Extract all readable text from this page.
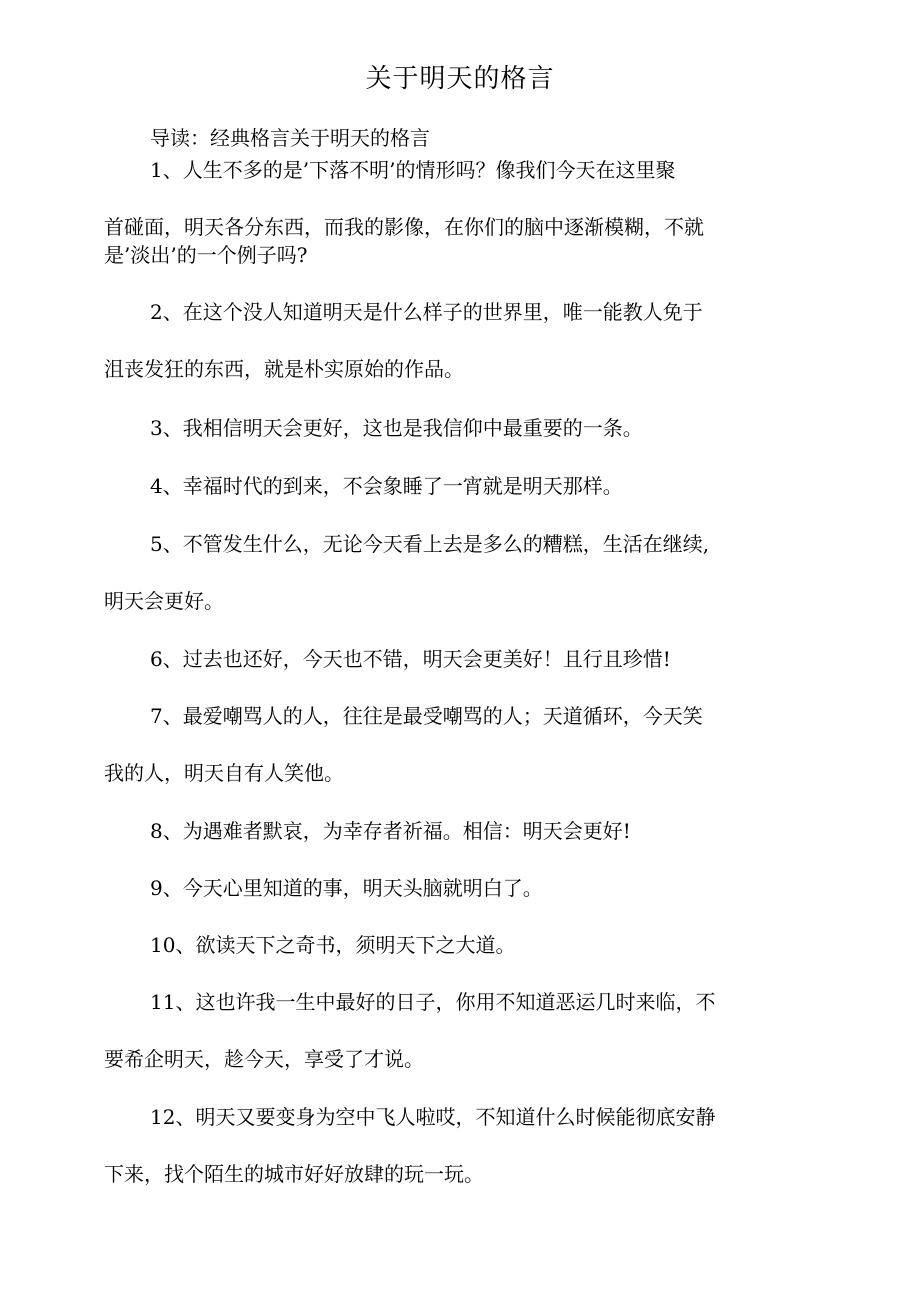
关于明天的格言
导读：经典格言关于明天的格言
1、人生不多的是’下落不明’的情形吗？像我们今天在这里聚
首碰面，明天各分东西，而我的影像，在你们的脑中逐渐模糊，不就
是’淡出’的一个例子吗?
2、在这个没人知道明天是什么样子的世界里，唯一能教人免于
沮丧发狂的东西，就是朴实原始的作品。
3、我相信明天会更好，这也是我信仰中最重要的一条。
4、幸福时代的到来，不会象睡了一宵就是明天那样。
5、不管发生什么，无论今天看上去是多么的糟糕，生活在继续,
明天会更好。
6、过去也还好，今天也不错，明天会更美好！且行且珍惜!
7、最爱嘲骂人的人，往往是最受嘲骂的人；天道循环，今天笑
我的人，明天自有人笑他。
8、为遇难者默哀，为幸存者祈福。相信：明天会更好!
9、今天心里知道的事，明天头脑就明白了。
10、欲读天下之奇书，须明天下之大道。
11、这也许我一生中最好的日子，你用不知道恶运几时来临，不
要希企明天，趁今天，享受了才说。
12、明天又要变身为空中飞人啦哎，不知道什么时候能彻底安静
下来，找个陌生的城市好好放肆的玩一玩。
